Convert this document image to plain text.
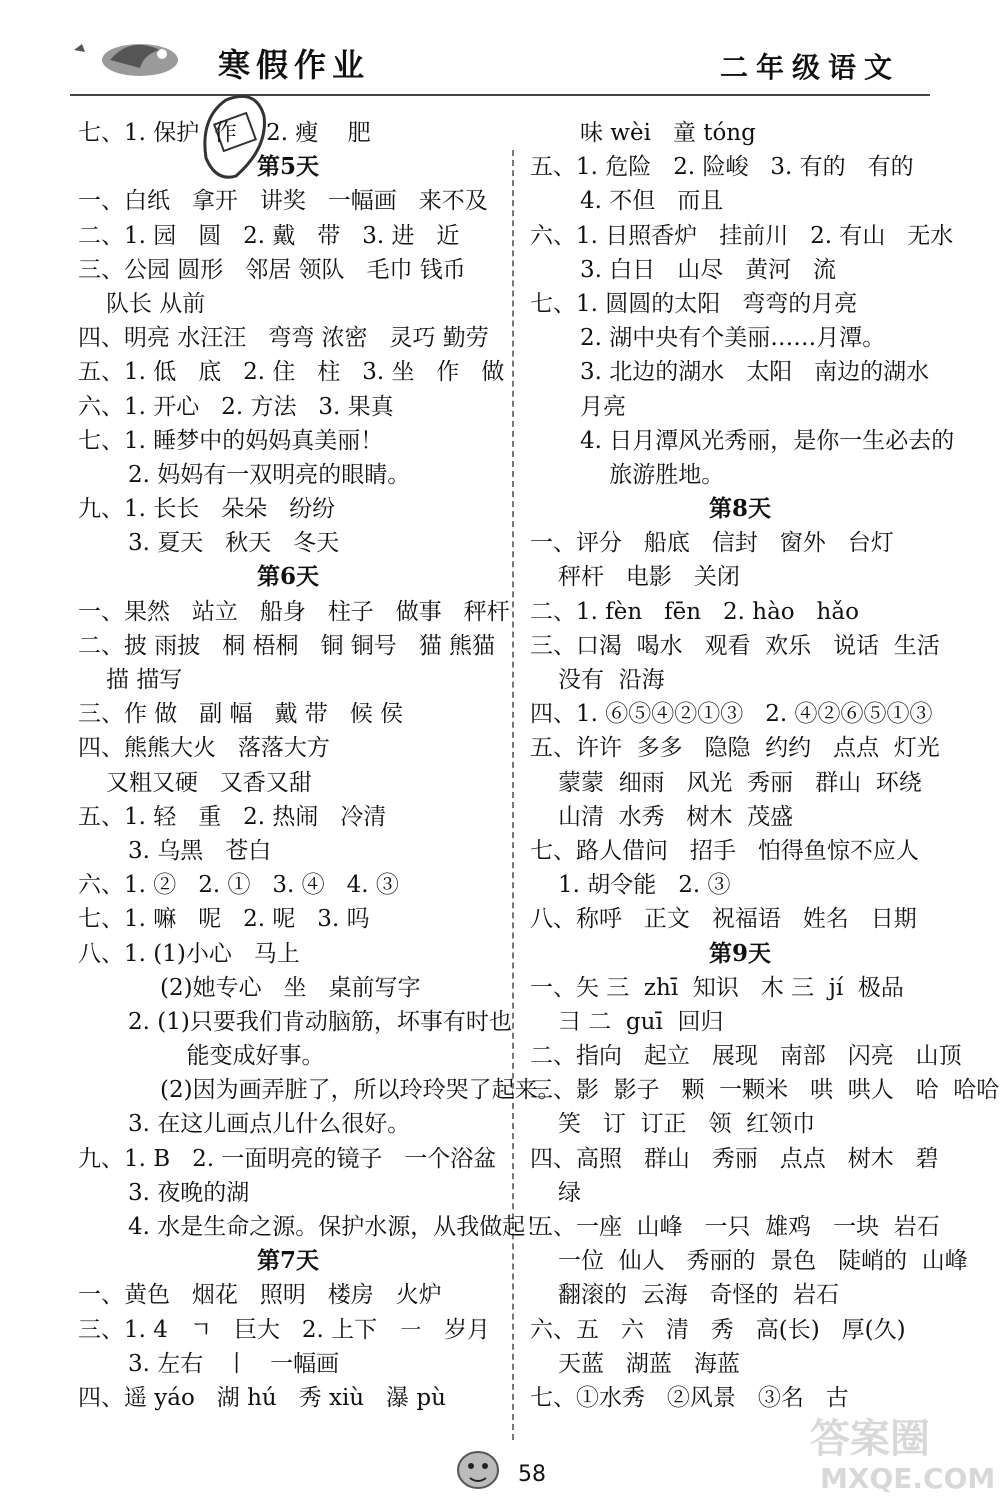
寒假作业	二年级语文
七、1. 保护  作    2. 瘦    肥
第5天
一、白纸   拿开   讲奖   一幅画   来不及
二、1. 园   圆   2. 戴   带   3. 进   近
三、公园 圆形   邻居 领队   毛巾 钱币
队长 从前
四、明亮 水汪汪   弯弯 浓密   灵巧 勤劳
五、1. 低   底   2. 住   柱   3. 坐   作   做
六、1. 开心   2. 方法   3. 果真
七、1. 睡梦中的妈妈真美丽！
2. 妈妈有一双明亮的眼睛。
九、1. 长长   朵朵   纷纷
3. 夏天   秋天   冬天
第6天
一、果然   站立   船身   柱子   做事   秤杆
二、披 雨披   桐 梧桐   铜 铜号   猫 熊猫
描 描写
三、作 做   副 幅   戴 带   候 侯
四、熊熊大火   落落大方
又粗又硬   又香又甜
五、1. 轻   重   2. 热闹   冷清
3. 乌黑   苍白
六、1. ②   2. ①   3. ④   4. ③
七、1. 嘛   呢   2. 呢   3. 吗
八、1. (1)小心   马上
(2)她专心   坐   桌前写字
2. (1)只要我们肯动脑筋，坏事有时也
能变成好事。
(2)因为画弄脏了，所以玲玲哭了起来。
3. 在这儿画点儿什么很好。
九、1. B   2. 一面明亮的镜子   一个浴盆
3. 夜晚的湖
4. 水是生命之源。保护水源，从我做起！
第7天
一、黄色   烟花   照明   楼房   火炉
三、1. 4   ㄱ   巨大   2. 上下   ㇐   岁月
3. 左右   丨   一幅画
四、遥 yáo   湖 hú   秀 xiù   瀑 pù
味 wèi   童 tóng
五、1. 危险   2. 险峻   3. 有的   有的
4. 不但   而且
六、1. 日照香炉   挂前川   2. 有山   无水
3. 白日   山尽   黄河   流
七、1. 圆圆的太阳   弯弯的月亮
2. 湖中央有个美丽……月潭。
3. 北边的湖水   太阳   南边的湖水
月亮
4. 日月潭风光秀丽，是你一生必去的
旅游胜地。
第8天
一、评分   船底   信封   窗外   台灯
秤杆   电影   关闭
二、1. fèn   fēn   2. hào   hǎo
三、口渴  喝水   观看  欢乐   说话  生活
没有  沿海
四、1. ⑥⑤④②①③   2. ④②⑥⑤①③
五、许许  多多   隐隐  约约   点点  灯光
蒙蒙  细雨   风光  秀丽   群山  环绕
山清  水秀   树木  茂盛
七、路人借问   招手   怕得鱼惊不应人
1. 胡令能   2. ③
八、称呼   正文   祝福语   姓名   日期
第9天
一、矢 三  zhī  知识   木 三  jí  极品
彐 二  guī  回归
二、指向   起立   展现   南部   闪亮   山顶
三、影  影子   颗  一颗米   哄  哄人   哈  哈哈
笑   订  订正   领  红领巾
四、高照   群山   秀丽   点点   树木   碧
绿
五、一座  山峰   一只  雄鸡   一块  岩石
一位  仙人   秀丽的  景色   陡峭的  山峰
翻滚的  云海   奇怪的  岩石
六、五   六   清   秀   高(长)   厚(久)
天蓝   湖蓝   海蓝
七、①水秀   ②风景   ③名   古
58
答案圈
MXQE.COM
